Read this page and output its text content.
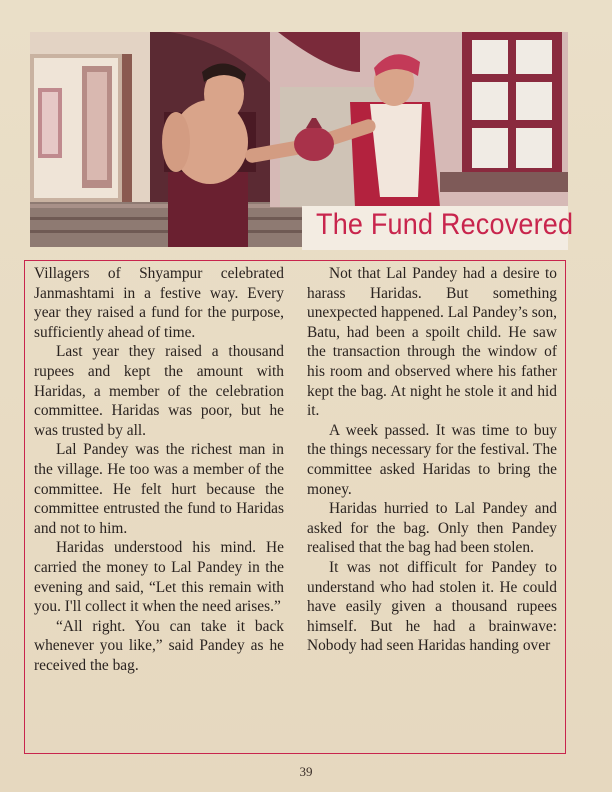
The Fund Recovered

Villagers of Shyampur celebrated Janmashtami in a festive way. Every year they raised a fund for the purpose, sufficiently ahead of time.

Last year they raised a thousand rupees and kept the amount with Haridas, a member of the celebration committee. Haridas was poor, but he was trusted by all.

Lal Pandey was the richest man in the village. He too was a member of the committee. He felt hurt because the committee entrusted the fund to Haridas and not to him.

Haridas understood his mind. He carried the money to Lal Pandey in the evening and said, “Let this remain with you. I'll collect it when the need arises.”

“All right. You can take it back whenever you like,” said Pandey as he received the bag.

Not that Lal Pandey had a desire to harass Haridas. But something unexpected happened. Lal Pandey’s son, Batu, had been a spoilt child. He saw the transaction through the window of his room and observed where his father kept the bag. At night he stole it and hid it.

A week passed. It was time to buy the things necessary for the festival. The committee asked Haridas to bring the money.

Haridas hurried to Lal Pandey and asked for the bag. Only then Pandey realised that the bag had been stolen.

It was not difficult for Pandey to understand who had stolen it. He could have easily given a thousand rupees himself. But he had a brainwave: Nobody had seen Haridas handing over

39
